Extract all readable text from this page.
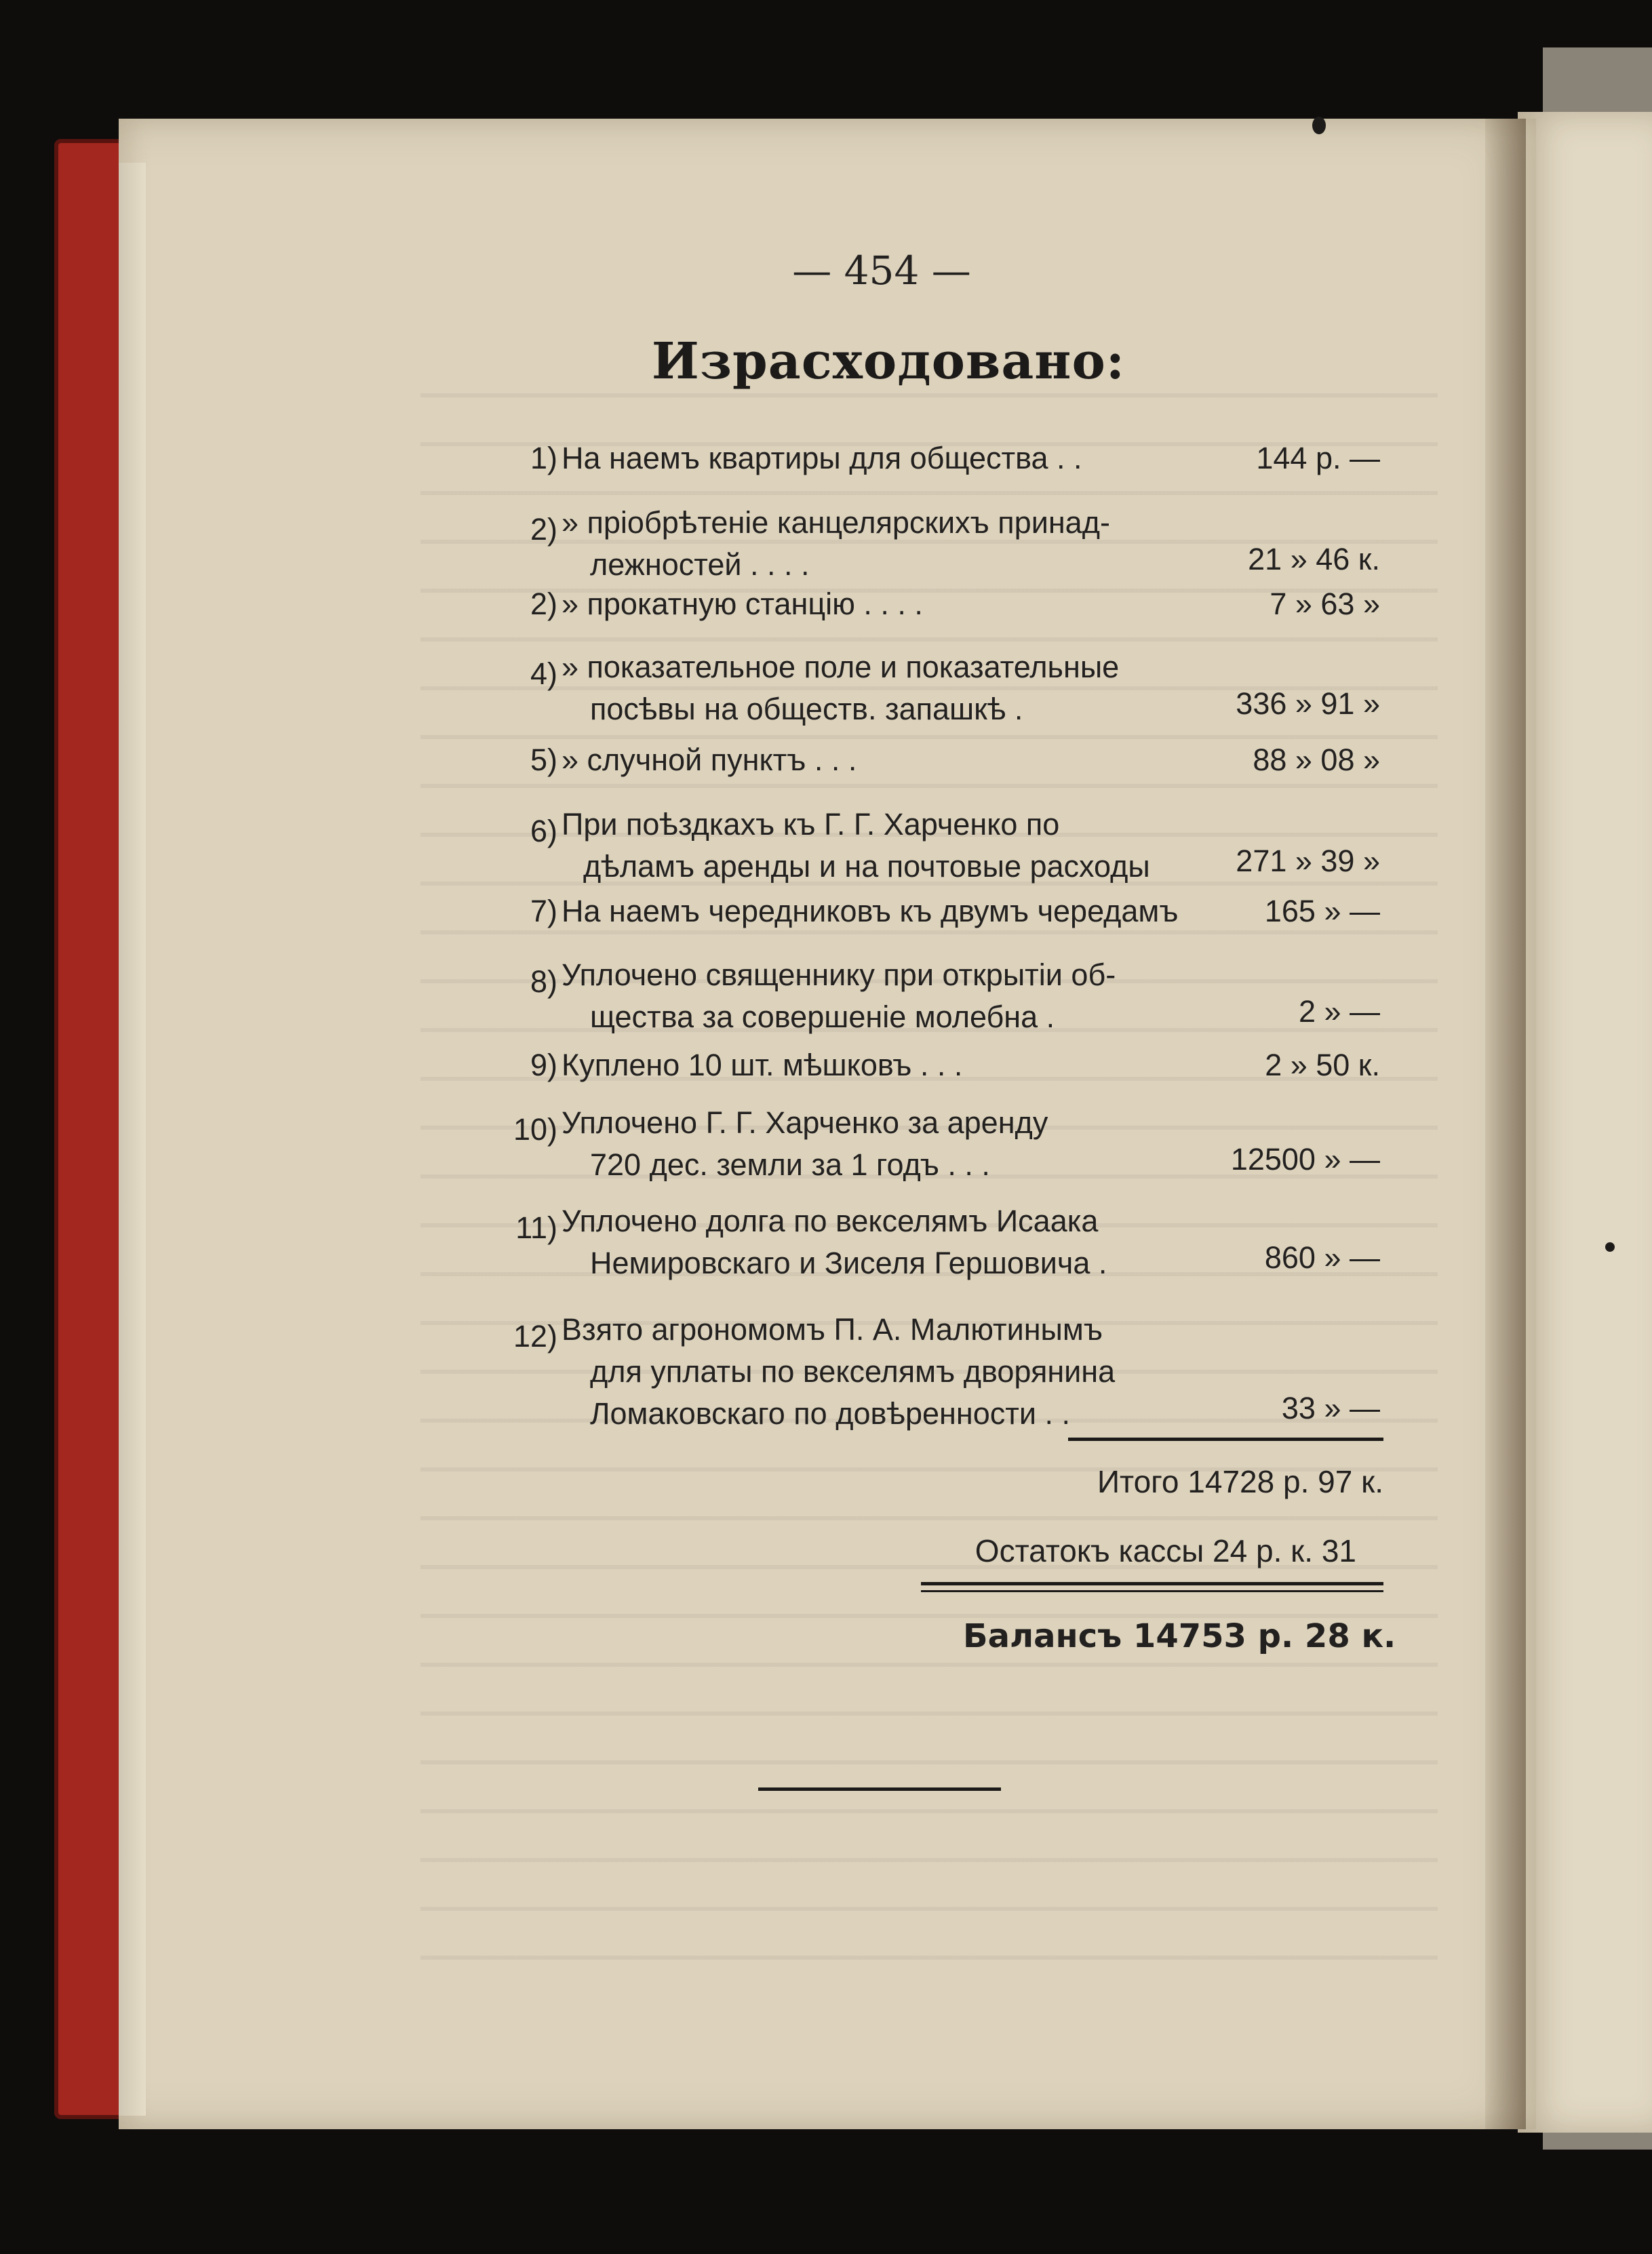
— 454 —
Израсходовано:
1) На наемъ квартиры для общества . .	144 р. —
2) » пріобрѣтеніе канцелярскихъ принад-
лежностей . . . .	21 » 46 к.
2) » прокатную станцію . . . .	7 » 63 »
4) » показательное поле и показательные
посѣвы на обществ. запашкѣ .	336 » 91 »
5) » случной пунктъ . . .	88 » 08 »
6) При поѣздкахъ къ Г. Г. Харченко по
дѣламъ аренды и на почтовые расходы	271 » 39 »
7) На наемъ чередниковъ къ двумъ чередамъ	165 » —
8) Уплочено священнику при открытіи об-
щества за совершеніе молебна .	2 » —
9) Куплено 10 шт. мѣшковъ . . .	2 » 50 к.
10) Уплочено Г. Г. Харченко за аренду
720 дес. земли за 1 годъ . . .	12500 » —
11) Уплочено долга по векселямъ Исаака
Немировскаго и Зиселя Гершовича .	860 » —
12) Взято агрономомъ П. А. Малютинымъ
для уплаты по векселямъ дворянина
Ломаковскаго по довѣренности . .	33 » —
Итого 14728 р. 97 к.
Остатокъ кассы 24 р. к. 31
Балансъ 14753 р. 28 к.
